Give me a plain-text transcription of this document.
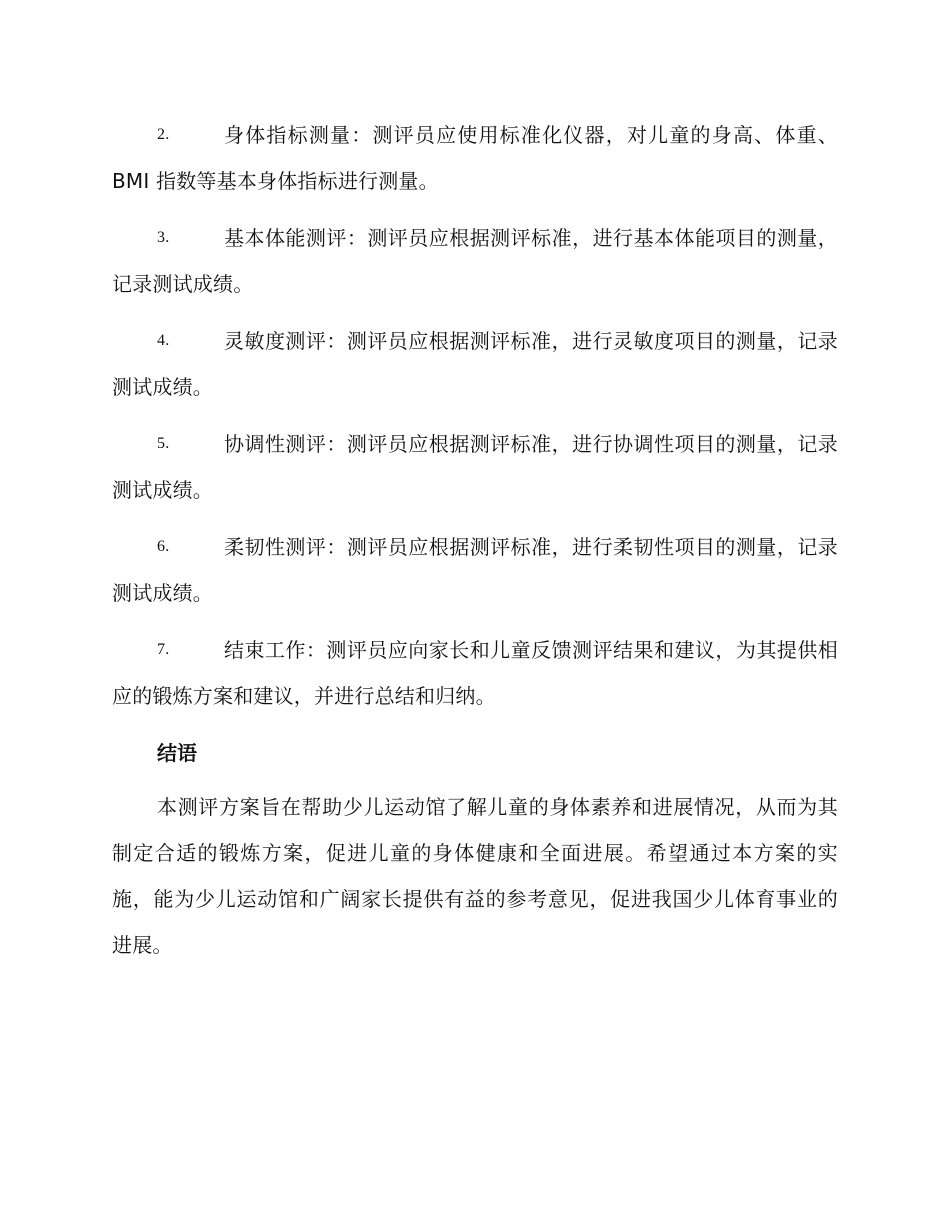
2.	身体指标测量：测评员应使用标准化仪器，对儿童的身高、体重、BMI 指数等基本身体指标进行测量。
3.	基本体能测评：测评员应根据测评标准，进行基本体能项目的测量，记录测试成绩。
4.	灵敏度测评：测评员应根据测评标准，进行灵敏度项目的测量，记录测试成绩。
5.	协调性测评：测评员应根据测评标准，进行协调性项目的测量，记录测试成绩。
6.	柔韧性测评：测评员应根据测评标准，进行柔韧性项目的测量，记录测试成绩。
7.	结束工作：测评员应向家长和儿童反馈测评结果和建议，为其提供相应的锻炼方案和建议，并进行总结和归纳。
结语

本测评方案旨在帮助少儿运动馆了解儿童的身体素养和进展情况，从而为其制定合适的锻炼方案，促进儿童的身体健康和全面进展。希望通过本方案的实施，能为少儿运动馆和广阔家长提供有益的参考意见，促进我国少儿体育事业的进展。
